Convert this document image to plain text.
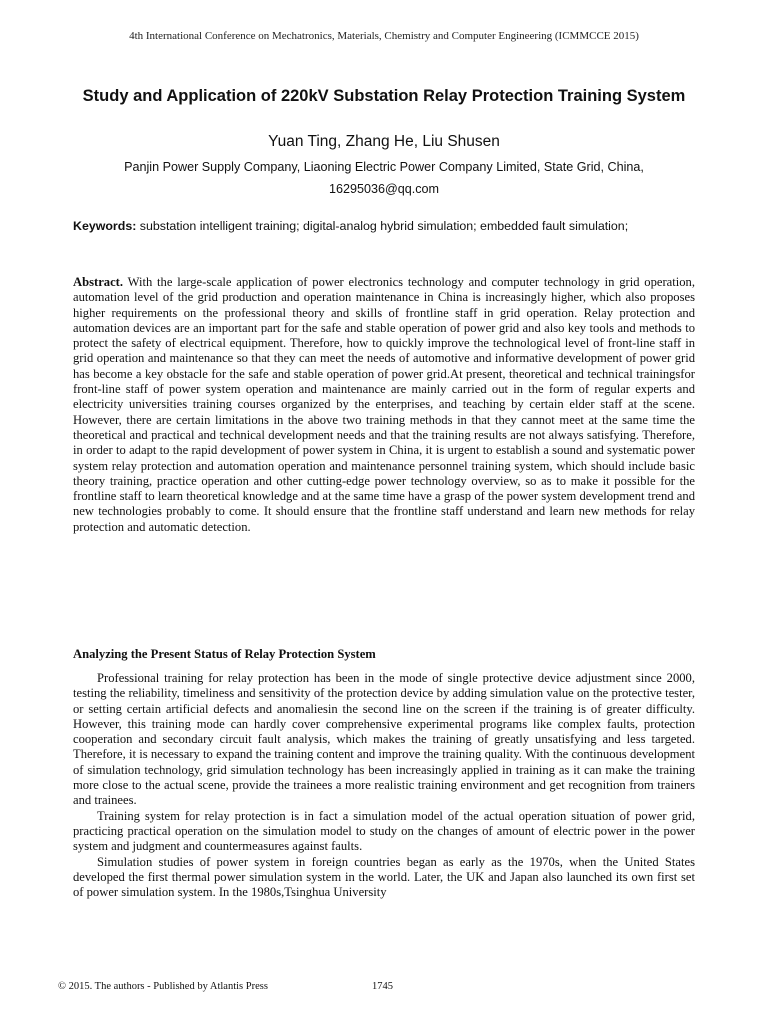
4th International Conference on Mechatronics, Materials, Chemistry and Computer Engineering (ICMMCCE 2015)
Study and Application of 220kV Substation Relay Protection Training System
Yuan Ting, Zhang He, Liu Shusen
Panjin Power Supply Company, Liaoning Electric Power Company Limited, State Grid, China,
16295036@qq.com
Keywords: substation intelligent training; digital-analog hybrid simulation; embedded fault simulation;
Abstract. With the large-scale application of power electronics technology and computer technology in grid operation, automation level of the grid production and operation maintenance in China is increasingly higher, which also proposes higher requirements on the professional theory and skills of frontline staff in grid operation. Relay protection and automation devices are an important part for the safe and stable operation of power grid and also key tools and methods to protect the safety of electrical equipment. Therefore, how to quickly improve the technological level of front-line staff in grid operation and maintenance so that they can meet the needs of automotive and informative development of power grid has become a key obstacle for the safe and stable operation of power grid.At present, theoretical and technical trainingsfor front-line staff of power system operation and maintenance are mainly carried out in the form of regular experts and electricity universities training courses organized by the enterprises, and teaching by certain elder staff at the scene. However, there are certain limitations in the above two training methods in that they cannot meet at the same time the theoretical and practical and technical development needs and that the training results are not always satisfying. Therefore, in order to adapt to the rapid development of power system in China, it is urgent to establish a sound and systematic power system relay protection and automation operation and maintenance personnel training system, which should include basic theory training, practice operation and other cutting-edge power technology overview, so as to make it possible for the frontline staff to learn theoretical knowledge and at the same time have a grasp of the power system development trend and new technologies probably to come. It should ensure that the frontline staff understand and learn new methods for relay protection and automatic detection.
Analyzing the Present Status of Relay Protection System

Professional training for relay protection has been in the mode of single protective device adjustment since 2000, testing the reliability, timeliness and sensitivity of the protection device by adding simulation value on the protective tester, or setting certain artificial defects and anomaliesin the second line on the screen if the training is of greater difficulty. However, this training mode can hardly cover comprehensive experimental programs like complex faults, protection cooperation and secondary circuit fault analysis, which makes the training of greatly unsatisfying and less targeted. Therefore, it is necessary to expand the training content and improve the training quality. With the continuous development of simulation technology, grid simulation technology has been increasingly applied in training as it can make the training more close to the actual scene, provide the trainees a more realistic training environment and get recognition from trainers and trainees.

Training system for relay protection is in fact a simulation model of the actual operation situation of power grid, practicing practical operation on the simulation model to study on the changes of amount of electric power in the power system and judgment and countermeasures against faults.

Simulation studies of power system in foreign countries began as early as the 1970s, when the United States developed the first thermal power simulation system in the world. Later, the UK and Japan also launched its own first set of power simulation system. In the 1980s,Tsinghua University

© 2015. The authors - Published by Atlantis Press	1745
